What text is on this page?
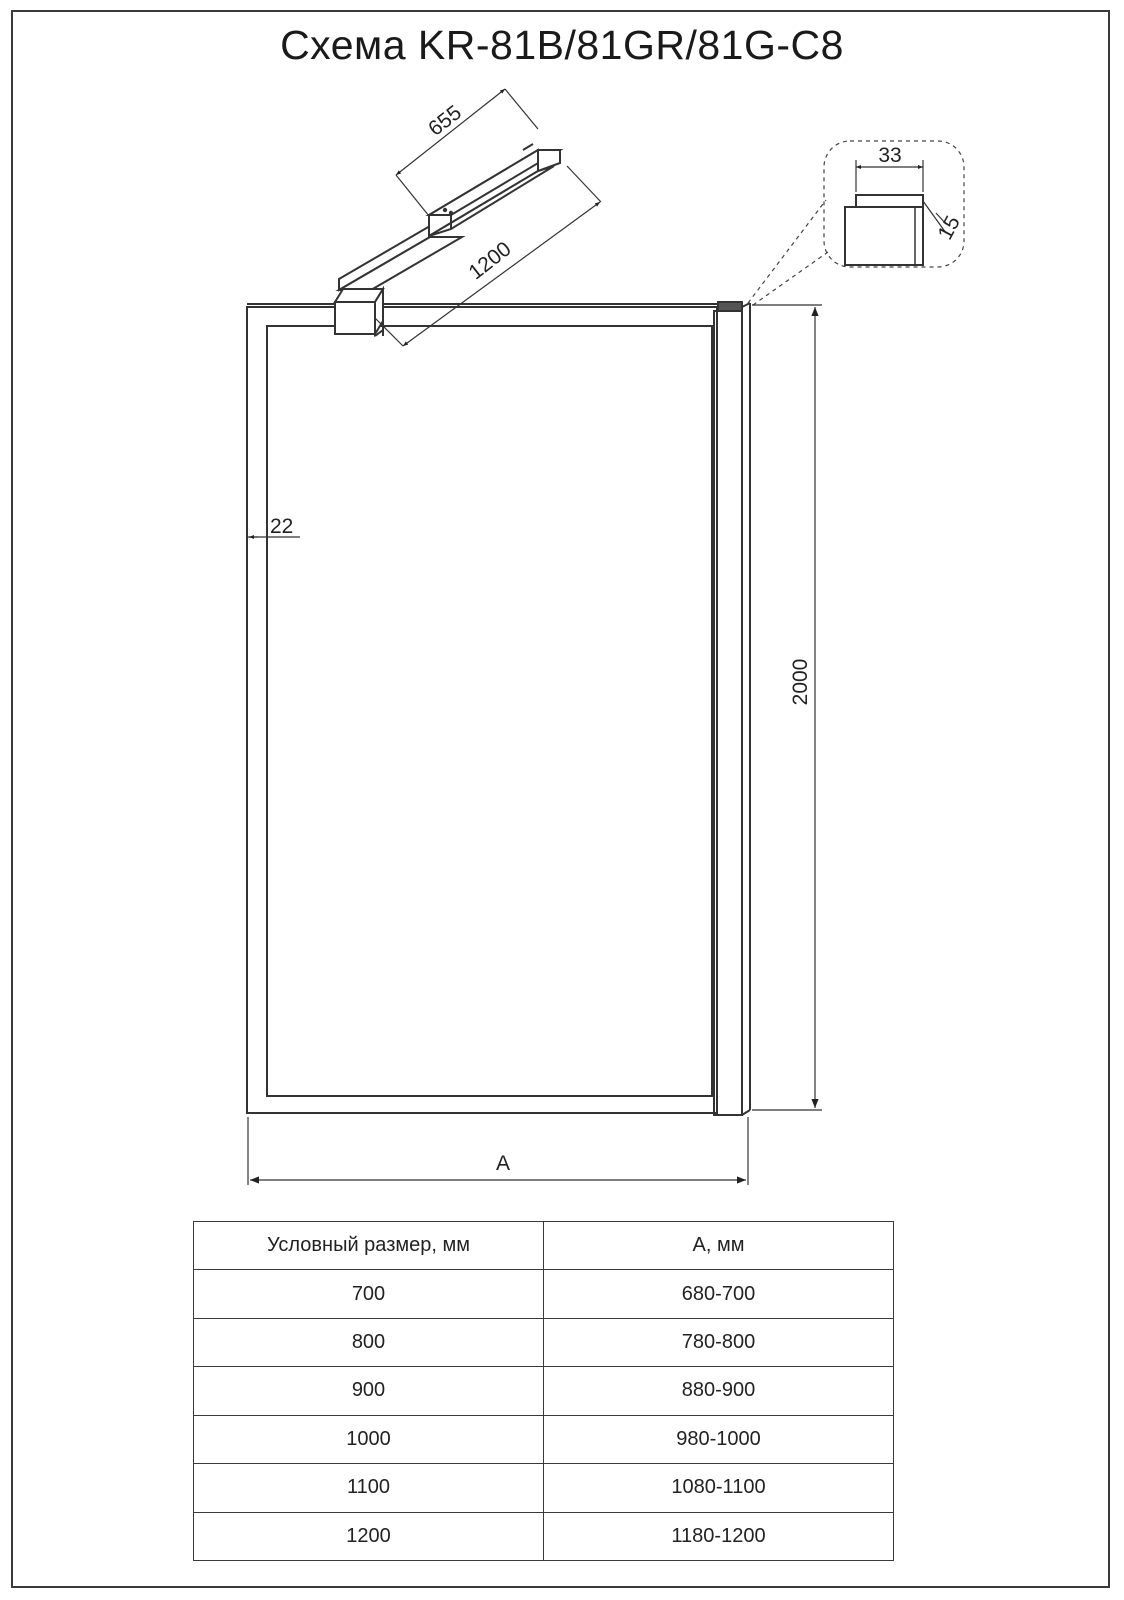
Схема KR-81B/81GR/81G-C8
655
1200
33
15
22
2000
A
Условный размер, мм	A, мм
700	680-700
800	780-800
900	880-900
1000	980-1000
1100	1080-1100
1200	1180-1200
